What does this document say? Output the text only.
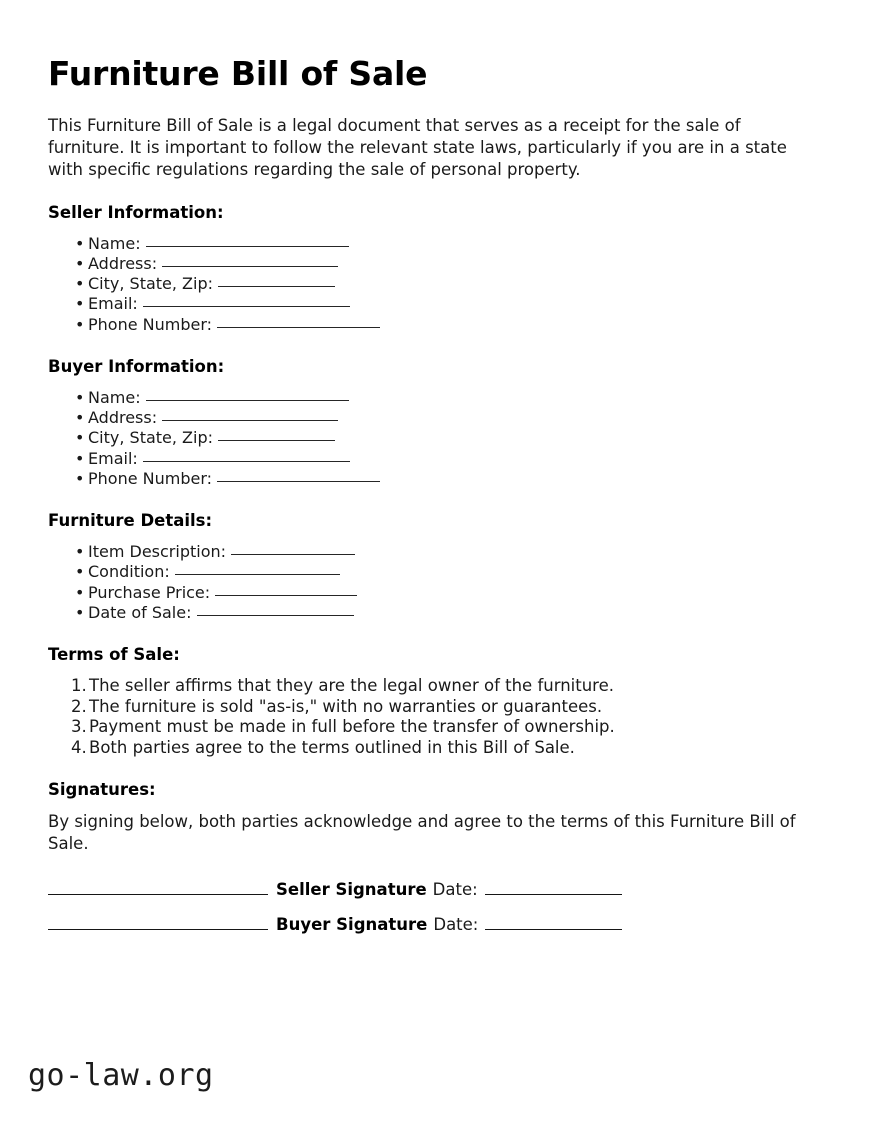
Furniture Bill of Sale

This Furniture Bill of Sale is a legal document that serves as a receipt for the sale of furniture. It is important to follow the relevant state laws, particularly if you are in a state with specific regulations regarding the sale of personal property.

Seller Information:
• Name:
• Address:
• City, State, Zip:
• Email:
• Phone Number:
Buyer Information:
• Name:
• Address:
• City, State, Zip:
• Email:
• Phone Number:
Furniture Details:
• Item Description:
• Condition:
• Purchase Price:
• Date of Sale:
Terms of Sale:
The seller affirms that they are the legal owner of the furniture.
The furniture is sold "as-is," with no warranties or guarantees.
Payment must be made in full before the transfer of ownership.
Both parties agree to the terms outlined in this Bill of Sale.
Signatures:

By signing below, both parties acknowledge and agree to the terms of this Furniture Bill of Sale.

Seller Signature Date:
Buyer Signature Date:
go-law.org
